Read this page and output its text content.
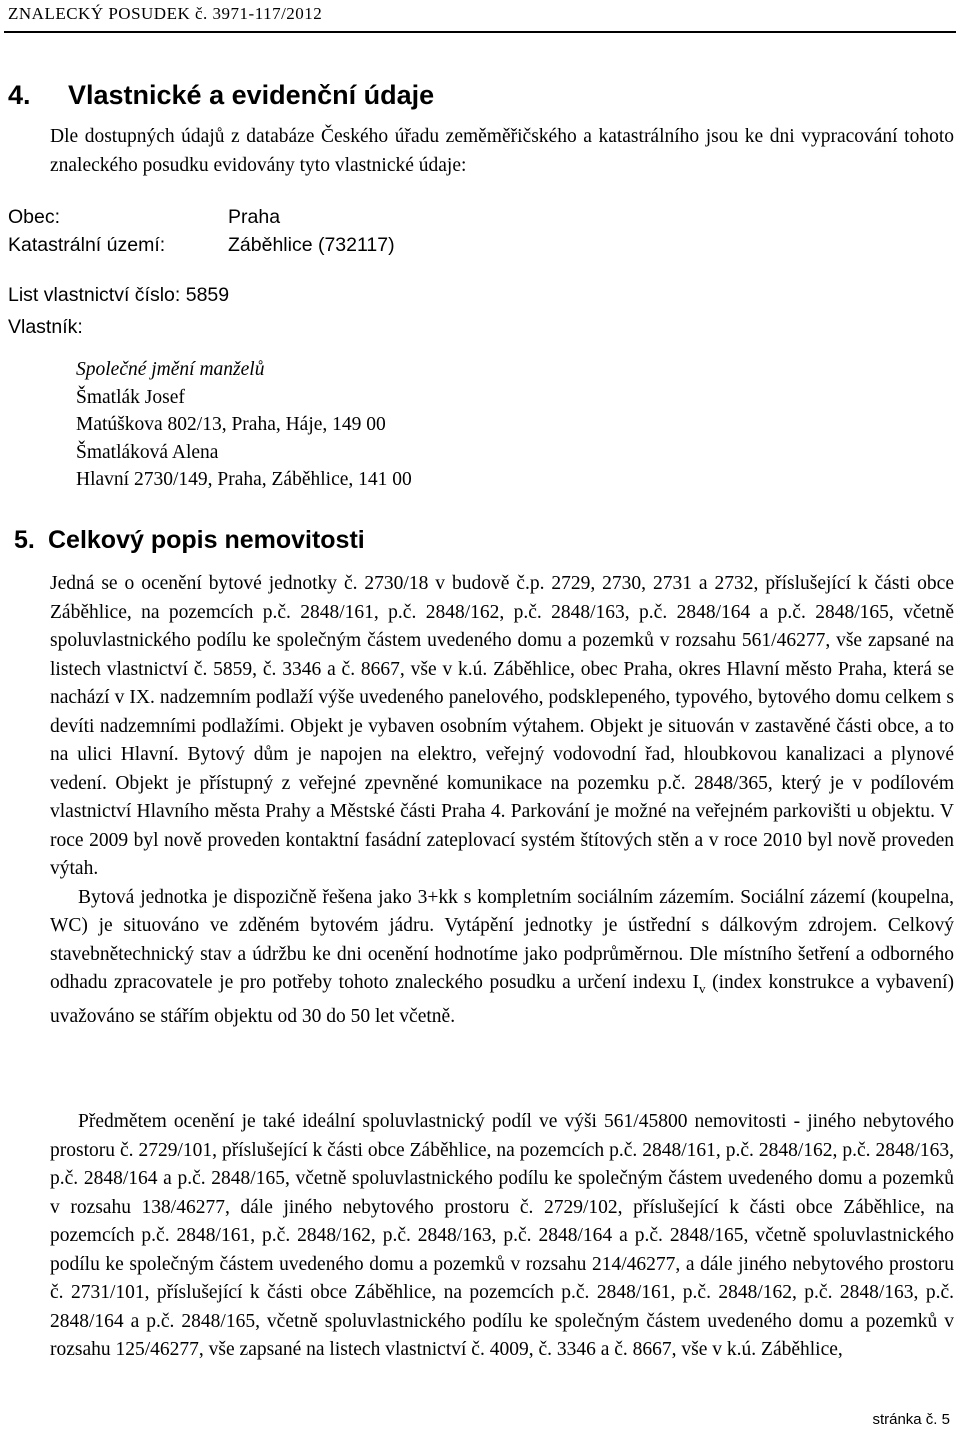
ZNALECKÝ POSUDEK č. 3971-117/2012
4. Vlastnické a evidenční údaje
Dle dostupných údajů z databáze Českého úřadu zeměměřičského a katastrálního jsou ke dni vypracování tohoto znaleckého posudku evidovány tyto vlastnické údaje:
Obec:	Praha
Katastrální území:	Záběhlice (732117)
List vlastnictví číslo: 5859
Vlastník:
Společné jmění manželů
Šmatlák Josef
Matúškova 802/13, Praha, Háje, 149 00
Šmatláková Alena
Hlavní 2730/149, Praha, Záběhlice, 141 00
5. Celkový popis nemovitosti

Jedná se o ocenění bytové jednotky č. 2730/18 v budově č.p. 2729, 2730, 2731 a 2732, příslušející k části obce Záběhlice, na pozemcích p.č. 2848/161, p.č. 2848/162, p.č. 2848/163, p.č. 2848/164 a p.č. 2848/165, včetně spoluvlastnického podílu ke společným částem uvedeného domu a pozemků v rozsahu 561/46277, vše zapsané na listech vlastnictví č. 5859, č. 3346 a č. 8667, vše v k.ú. Záběhlice, obec Praha, okres Hlavní město Praha, která se nachází v IX. nadzemním podlaží výše uvedeného panelového, podsklepeného, typového, bytového domu celkem s devíti nadzemními podlažími. Objekt je vybaven osobním výtahem. Objekt je situován v zastavěné části obce, a to na ulici Hlavní. Bytový dům je napojen na elektro, veřejný vodovodní řad, hloubkovou kanalizaci a plynové vedení. Objekt je přístupný z veřejné zpevněné komunikace na pozemku p.č. 2848/365, který je v podílovém vlastnictví Hlavního města Prahy a Městské části Praha 4. Parkování je možné na veřejném parkovišti u objektu. V roce 2009 byl nově proveden kontaktní fasádní zateplovací systém štítových stěn a v roce 2010 byl nově proveden výtah.

Bytová jednotka je dispozičně řešena jako 3+kk s kompletním sociálním zázemím. Sociální zázemí (koupelna, WC) je situováno ve zděném bytovém jádru. Vytápění jednotky je ústřední s dálkovým zdrojem. Celkový stavebnětechnický stav a údržbu ke dni ocenění hodnotíme jako podprůměrnou. Dle místního šetření a odborného odhadu zpracovatele je pro potřeby tohoto znaleckého posudku a určení indexu $I_v$ (index konstrukce a vybavení) uvažováno se stářím objektu od 30 do 50 let včetně.

Předmětem ocenění je také ideální spoluvlastnický podíl ve výši 561/45800 nemovitosti - jiného nebytového prostoru č. 2729/101, příslušející k části obce Záběhlice, na pozemcích p.č. 2848/161, p.č. 2848/162, p.č. 2848/163, p.č. 2848/164 a p.č. 2848/165, včetně spoluvlastnického podílu ke společným částem uvedeného domu a pozemků v rozsahu 138/46277, dále jiného nebytového prostoru č. 2729/102, příslušející k části obce Záběhlice, na pozemcích p.č. 2848/161, p.č. 2848/162, p.č. 2848/163, p.č. 2848/164 a p.č. 2848/165, včetně spoluvlastnického podílu ke společným částem uvedeného domu a pozemků v rozsahu 214/46277, a dále jiného nebytového prostoru č. 2731/101, příslušející k části obce Záběhlice, na pozemcích p.č. 2848/161, p.č. 2848/162, p.č. 2848/163, p.č. 2848/164 a p.č. 2848/165, včetně spoluvlastnického podílu ke společným částem uvedeného domu a pozemků v rozsahu 125/46277, vše zapsané na listech vlastnictví č. 4009, č. 3346 a č. 8667, vše v k.ú. Záběhlice,

stránka č. 5
